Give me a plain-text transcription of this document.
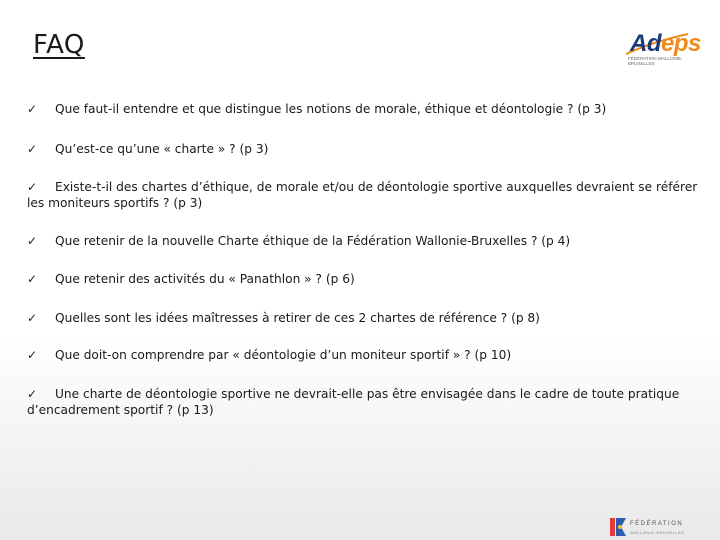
FAQ	Adeps
FÉDÉRATION WALLONIE-BRUXELLES
✓ Que faut-il entendre et que distingue les notions de morale, éthique et déontologie ? (p 3)
✓ Qu’est-ce qu’une « charte » ? (p 3)
✓ Existe-t-il des chartes d’éthique, de morale et/ou de déontologie sportive auxquelles devraient se référer les moniteurs sportifs ? (p 3)
✓ Que retenir de la nouvelle Charte éthique de la Fédération Wallonie-Bruxelles ? (p 4)
✓ Que retenir des activités du « Panathlon » ? (p 6)
✓ Quelles sont les idées maîtresses à retirer de ces 2 chartes de référence ? (p 8)
✓ Que doit-on comprendre par « déontologie d’un moniteur sportif » ? (p 10)
✓ Une charte de déontologie sportive ne devrait-elle pas être envisagée dans le cadre de toute pratique d’encadrement sportif ? (p 13)
FÉDÉRATION
WALLONIE-BRUXELLES
